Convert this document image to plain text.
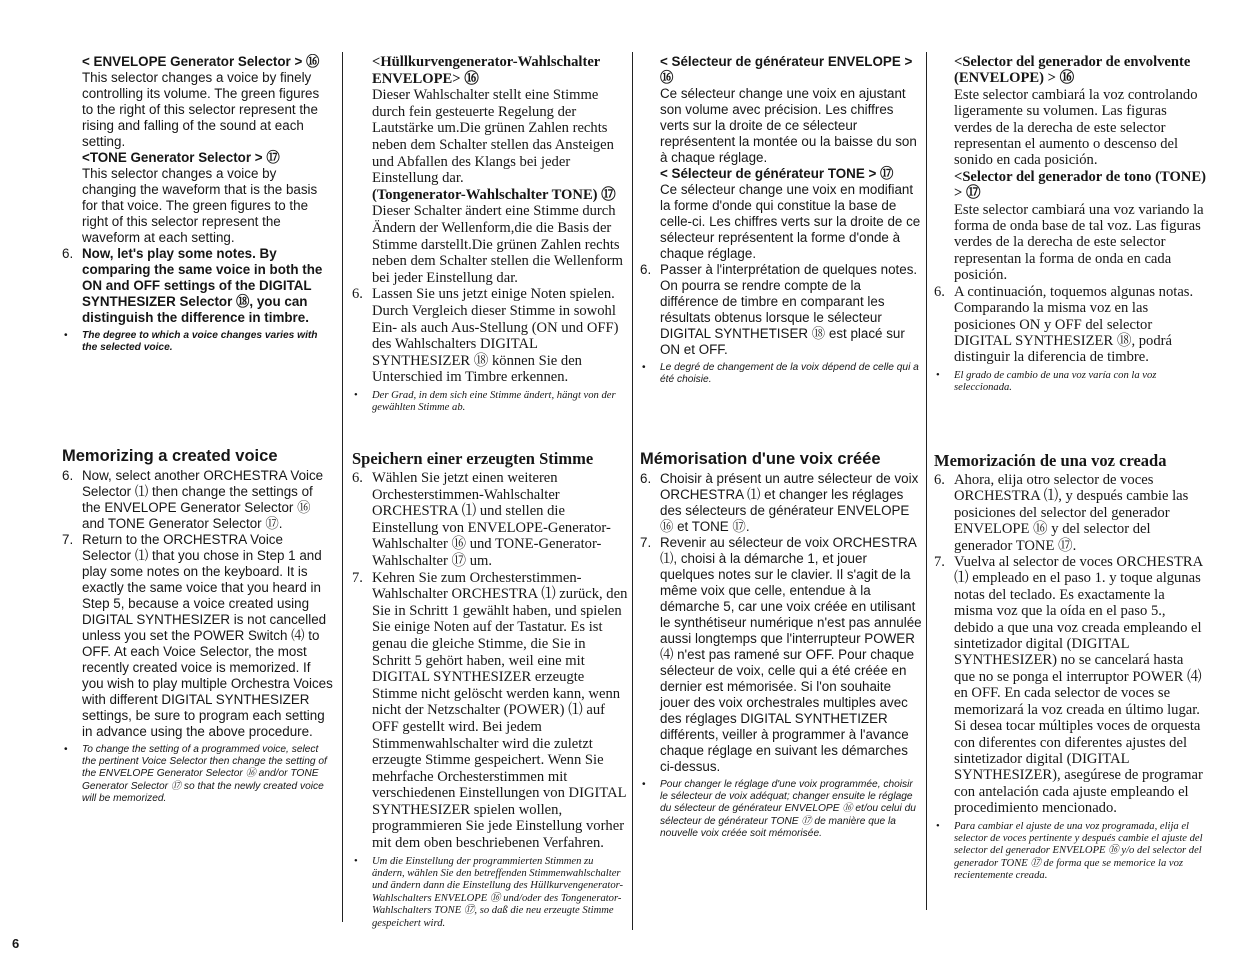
< ENVELOPE Generator Selector > ⑯

This selector changes a voice by finely controlling its volume. The green figures to the right of this selector represent the rising and falling of the sound at each setting.

<TONE Generator Selector > ⑰

This selector changes a voice by changing the waveform that is the basis for that voice. The green figures to the right of this selector represent the waveform at each setting.

6. Now, let's play some notes. By comparing the same voice in both the ON and OFF settings of the DIGITAL SYNTHESIZER Selector ⑱, you can distinguish the difference in timbre.
• The degree to which a voice changes varies with the selected voice.

Memorizing a created voice

6. Now, select another ORCHESTRA Voice Selector ⑴ then change the settings of the ENVELOPE Generator Selector ⑯ and TONE Generator Selector ⑰.
7. Return to the ORCHESTRA Voice Selector ⑴ that you chose in Step 1 and play some notes on the keyboard. It is exactly the same voice that you heard in Step 5, because a voice created using DIGITAL SYNTHESIZER is not cancelled unless you set the POWER Switch ⑷ to OFF. At each Voice Selector, the most recently created voice is memorized. If you wish to play multiple Orchestra Voices with different DIGITAL SYNTHESIZER settings, be sure to program each setting in advance using the above procedure.
• To change the setting of a programmed voice, select the pertinent Voice Selector then change the setting of the ENVELOPE Generator Selector ⑯ and/or TONE Generator Selector ⑰ so that the newly created voice will be memorized.

<Hüllkurvengenerator-Wahlschalter ENVELOPE> ⑯

Dieser Wahlschalter stellt eine Stimme durch fein gesteuerte Regelung der Lautstärke um.Die grünen Zahlen rechts neben dem Schalter stellen das Ansteigen und Abfallen des Klangs bei jeder Einstellung dar.

(Tongenerator-Wahlschalter TONE) ⑰

Dieser Schalter ändert eine Stimme durch Ändern der Wellenform,die die Basis der Stimme darstellt.Die grünen Zahlen rechts neben dem Schalter stellen die Wellenform bei jeder Einstellung dar.

6. Lassen Sie uns jetzt einige Noten spielen. Durch Vergleich dieser Stimme in sowohl Ein- als auch Aus-Stellung (ON und OFF) des Wahlschalters DIGITAL SYNTHESIZER ⑱ können Sie den Unterschied im Timbre erkennen.
• Der Grad, in dem sich eine Stimme ändert, hängt von der gewählten Stimme ab.

Speichern einer erzeugten Stimme

6. Wählen Sie jetzt einen weiteren Orchesterstimmen-Wahlschalter ORCHESTRA ⑴ und stellen die Einstellung von ENVELOPE-Generator-Wahlschalter ⑯ und TONE-Generator-Wahlschalter ⑰ um.
7. Kehren Sie zum Orchesterstimmen-Wahlschalter ORCHESTRA ⑴ zurück, den Sie in Schritt 1 gewählt haben, und spielen Sie einige Noten auf der Tastatur. Es ist genau die gleiche Stimme, die Sie in Schritt 5 gehört haben, weil eine mit DIGITAL SYNTHESIZER erzeugte Stimme nicht gelöscht werden kann, wenn nicht der Netzschalter (POWER) ⑴ auf OFF gestellt wird. Bei jedem Stimmenwahlschalter wird die zuletzt erzeugte Stimme gespeichert. Wenn Sie mehrfache Orchesterstimmen mit verschiedenen Einstellungen von DIGITAL SYNTHESIZER spielen wollen, programmieren Sie jede Einstellung vorher mit dem oben beschriebenen Verfahren.
• Um die Einstellung der programmierten Stimmen zu ändern, wählen Sie den betreffenden Stimmenwahlschalter und ändern dann die Einstellung des Hüllkurvengenerator-Wahlschalters ENVELOPE ⑯ und/oder des Tongenerator-Wahlschalters TONE ⑰, so daß die neu erzeugte Stimme gespeichert wird.

< Sélecteur de générateur ENVELOPE > ⑯

Ce sélecteur change une voix en ajustant son volume avec précision. Les chiffres verts sur la droite de ce sélecteur représentent la montée ou la baisse du son à chaque réglage.

< Sélecteur de générateur TONE > ⑰

Ce sélecteur change une voix en modifiant la forme d'onde qui constitue la base de celle-ci. Les chiffres verts sur la droite de ce sélecteur représentent la forme d'onde à chaque réglage.

6. Passer à l'interprétation de quelques notes. On pourra se rendre compte de la différence de timbre en comparant les résultats obtenus lorsque le sélecteur DIGITAL SYNTHETISER ⑱ est placé sur ON et OFF.
• Le degré de changement de la voix dépend de celle qui a été choisie.

Mémorisation d'une voix créée

6. Choisir à présent un autre sélecteur de voix ORCHESTRA ⑴ et changer les réglages des sélecteurs de générateur ENVELOPE ⑯ et TONE ⑰.
7. Revenir au sélecteur de voix ORCHESTRA ⑴, choisi à la démarche 1, et jouer quelques notes sur le clavier. Il s'agit de la même voix que celle, entendue à la démarche 5, car une voix créée en utilisant le synthétiseur numérique n'est pas annulée aussi longtemps que l'interrupteur POWER ⑷ n'est pas ramené sur OFF. Pour chaque sélecteur de voix, celle qui a été créée en dernier est mémorisée. Si l'on souhaite jouer des voix orchestrales multiples avec des réglages DIGITAL SYNTHETIZER différents, veiller à programmer à l'avance chaque réglage en suivant les démarches ci-dessus.
• Pour changer le réglage d'une voix programmée, choisir le sélecteur de voix adéquat; changer ensuite le réglage du sélecteur de générateur ENVELOPE ⑯ et/ou celui du sélecteur de générateur TONE ⑰ de manière que la nouvelle voix créée soit mémorisée.

<Selector del generador de envolvente (ENVELOPE) > ⑯

Este selector cambiará la voz controlando ligeramente su volumen. Las figuras verdes de la derecha de este selector representan el aumento o descenso del sonido en cada posición.

<Selector del generador de tono (TONE) > ⑰

Este selector cambiará una voz variando la forma de onda base de tal voz. Las figuras verdes de la derecha de este selector representan la forma de onda en cada posición.

6. A continuación, toquemos algunas notas. Comparando la misma voz en las posiciones ON y OFF del selector DIGITAL SYNTHESIZER ⑱, podrá distinguir la diferencia de timbre.
• El grado de cambio de una voz varía con la voz seleccionada.

Memorización de una voz creada

6. Ahora, elija otro selector de voces ORCHESTRA ⑴, y después cambie las posiciones del selector del generador ENVELOPE ⑯ y del selector del generador TONE ⑰.
7. Vuelva al selector de voces ORCHESTRA ⑴ empleado en el paso 1. y toque algunas notas del teclado. Es exactamente la misma voz que la oída en el paso 5., debido a que una voz creada empleando el sintetizador digital (DIGITAL SYNTHESIZER) no se cancelará hasta que no se ponga el interruptor POWER ⑷ en OFF. En cada selector de voces se memorizará la voz creada en último lugar. Si desea tocar múltiples voces de orquesta con diferentes con diferentes ajustes del sintetizador digital (DIGITAL SYNTHESIZER), asegúrese de programar con antelación cada ajuste empleando el procedimiento mencionado.
• Para cambiar el ajuste de una voz programada, elija el selector de voces pertinente y después cambie el ajuste del selector del generador ENVELOPE ⑯ y/o del selector del generador TONE ⑰ de forma que se memorice la voz recientemente creada.
6
